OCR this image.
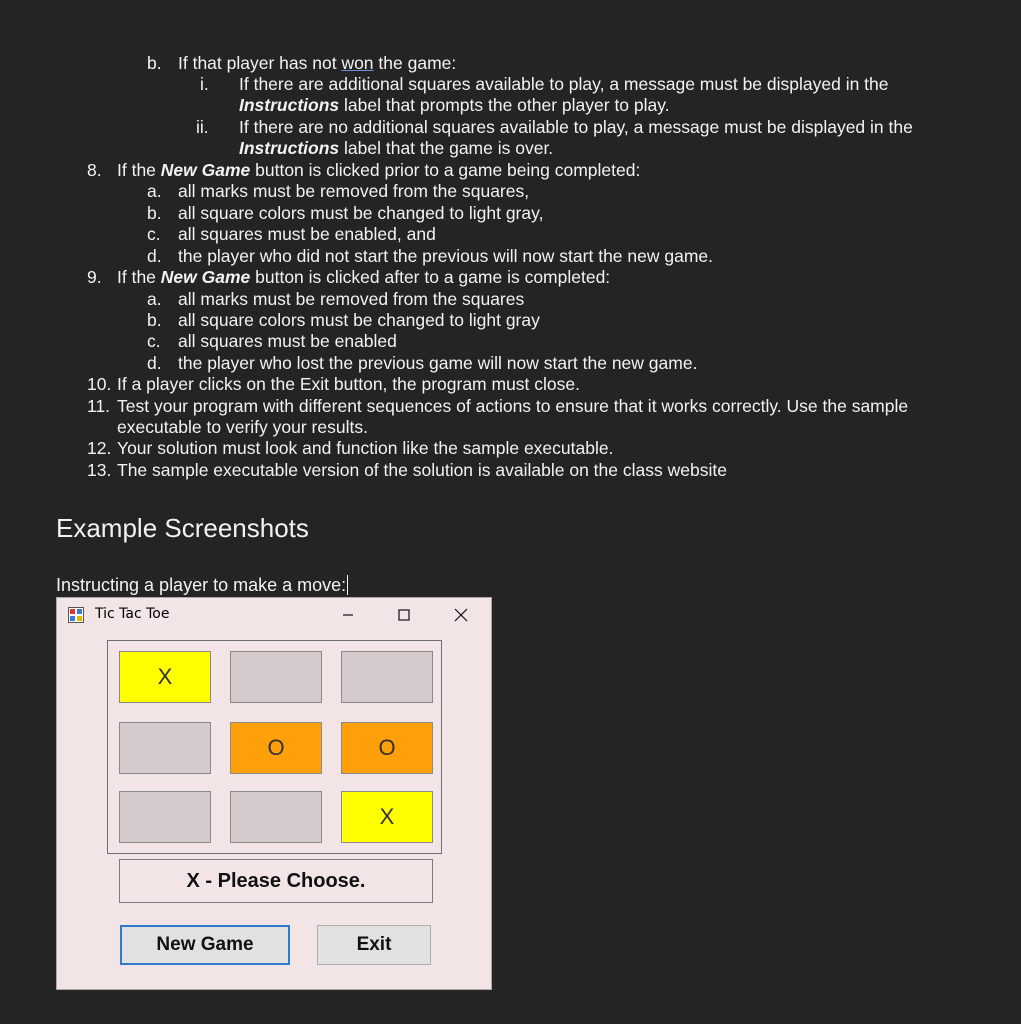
b. If that player has not won the game:
i. If there are additional squares available to play, a message must be displayed in the
Instructions label that prompts the other player to play.
ii. If there are no additional squares available to play, a message must be displayed in the
Instructions label that the game is over.
8. If the New Game button is clicked prior to a game being completed:
a. all marks must be removed from the squares,
b. all square colors must be changed to light gray,
c. all squares must be enabled, and
d. the player who did not start the previous will now start the new game.
9. If the New Game button is clicked after to a game is completed:
a. all marks must be removed from the squares
b. all square colors must be changed to light gray
c. all squares must be enabled
d. the player who lost the previous game will now start the new game.
10. If a player clicks on the Exit button, the program must close.
11. Test your program with different sequences of actions to ensure that it works correctly. Use the sample
executable to verify your results.
12. Your solution must look and function like the sample executable.
13. The sample executable version of the solution is available on the class website
Example Screenshots
Instructing a player to make a move:
Tic Tac Toe
X
O	O
X
X - Please Choose.
New Game	Exit
